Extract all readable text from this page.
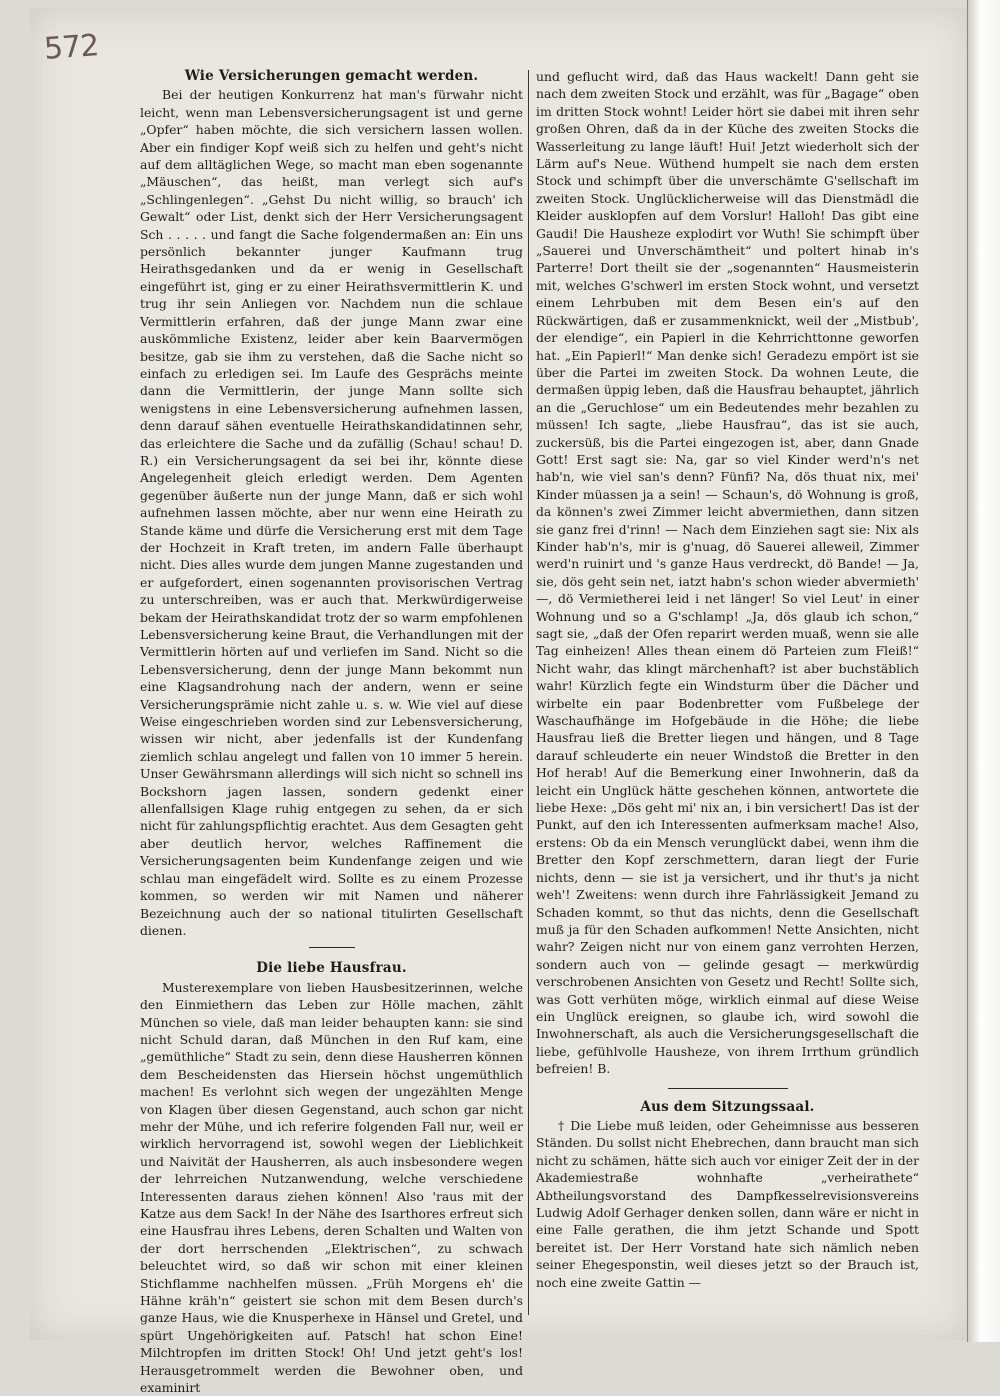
572
Wie Versicherungen gemacht werden.

Bei der heutigen Konkurrenz hat man's fürwahr nicht leicht, wenn man Lebensversicherungsagent ist und gerne „Opfer“ haben möchte, die sich versichern lassen wollen. Aber ein findiger Kopf weiß sich zu helfen und geht's nicht auf dem alltäglichen Wege, so macht man eben sogenannte „Mäuschen“, das heißt, man verlegt sich auf's „Schlingenlegen“. „Gehst Du nicht willig, so brauch' ich Gewalt“ oder List, denkt sich der Herr Versicherungsagent Sch . . . . . und fangt die Sache folgendermaßen an: Ein uns persönlich bekannter junger Kaufmann trug Heirathsgedanken und da er wenig in Gesellschaft eingeführt ist, ging er zu einer Heirathsvermittlerin K. und trug ihr sein Anliegen vor. Nachdem nun die schlaue Vermittlerin erfahren, daß der junge Mann zwar eine auskömmliche Existenz, leider aber kein Baarvermögen besitze, gab sie ihm zu verstehen, daß die Sache nicht so einfach zu erledigen sei. Im Laufe des Gesprächs meinte dann die Vermittlerin, der junge Mann sollte sich wenigstens in eine Lebensversicherung aufnehmen lassen, denn darauf sähen eventuelle Heirathskandidatinnen sehr, das erleichtere die Sache und da zufällig (Schau! schau! D. R.) ein Versicherungsagent da sei bei ihr, könnte diese Angelegenheit gleich erledigt werden. Dem Agenten gegenüber äußerte nun der junge Mann, daß er sich wohl aufnehmen lassen möchte, aber nur wenn eine Heirath zu Stande käme und dürfe die Versicherung erst mit dem Tage der Hochzeit in Kraft treten, im andern Falle überhaupt nicht. Dies alles wurde dem jungen Manne zugestanden und er aufgefordert, einen sogenannten provisorischen Vertrag zu unterschreiben, was er auch that. Merkwürdigerweise bekam der Heirathskandidat trotz der so warm empfohlenen Lebensversicherung keine Braut, die Verhandlungen mit der Vermittlerin hörten auf und verliefen im Sand. Nicht so die Lebensversicherung, denn der junge Mann bekommt nun eine Klagsandrohung nach der andern, wenn er seine Versicherungsprämie nicht zahle u. s. w. Wie viel auf diese Weise eingeschrieben worden sind zur Lebensversicherung, wissen wir nicht, aber jedenfalls ist der Kundenfang ziemlich schlau angelegt und fallen von 10 immer 5 herein. Unser Gewährsmann allerdings will sich nicht so schnell ins Bockshorn jagen lassen, sondern gedenkt einer allenfallsigen Klage ruhig entgegen zu sehen, da er sich nicht für zahlungspflichtig erachtet. Aus dem Gesagten geht aber deutlich hervor, welches Raffinement die Versicherungsagenten beim Kundenfange zeigen und wie schlau man eingefädelt wird. Sollte es zu einem Prozesse kommen, so werden wir mit Namen und näherer Bezeichnung auch der so national titulirten Gesellschaft dienen.

Die liebe Hausfrau.

Musterexemplare von lieben Hausbesitzerinnen, welche den Einmiethern das Leben zur Hölle machen, zählt München so viele, daß man leider behaupten kann: sie sind nicht Schuld daran, daß München in den Ruf kam, eine „gemüthliche“ Stadt zu sein, denn diese Hausherren können dem Bescheidensten das Hiersein höchst ungemüthlich machen! Es verlohnt sich wegen der ungezählten Menge von Klagen über diesen Gegenstand, auch schon gar nicht mehr der Mühe, und ich referire folgenden Fall nur, weil er wirklich hervorragend ist, sowohl wegen der Lieblichkeit und Naivität der Hausherren, als auch insbesondere wegen der lehrreichen Nutzanwendung, welche verschiedene Interessenten daraus ziehen können! Also 'raus mit der Katze aus dem Sack! In der Nähe des Isarthores erfreut sich eine Hausfrau ihres Lebens, deren Schalten und Walten von der dort herrschenden „Elektrischen“, zu schwach beleuchtet wird, so daß wir schon mit einer kleinen Stichflamme nachhelfen müssen. „Früh Morgens eh' die Hähne kräh'n“ geistert sie schon mit dem Besen durch's ganze Haus, wie die Knusperhexe in Hänsel und Gretel, und spürt Ungehörigkeiten auf. Patsch! hat schon Eine! Milchtropfen im dritten Stock! Oh! Und jetzt geht's los! Herausgetrommelt werden die Bewohner oben, und examinirt

und geflucht wird, daß das Haus wackelt! Dann geht sie nach dem zweiten Stock und erzählt, was für „Bagage“ oben im dritten Stock wohnt! Leider hört sie dabei mit ihren sehr großen Ohren, daß da in der Küche des zweiten Stocks die Wasserleitung zu lange läuft! Hui! Jetzt wiederholt sich der Lärm auf's Neue. Wüthend humpelt sie nach dem ersten Stock und schimpft über die unverschämte G'sellschaft im zweiten Stock. Unglücklicherweise will das Dienstmädl die Kleider ausklopfen auf dem Vorslur! Halloh! Das gibt eine Gaudi! Die Hausheze explodirt vor Wuth! Sie schimpft über „Sauerei und Unverschämtheit“ und poltert hinab in's Parterre! Dort theilt sie der „sogenannten“ Hausmeisterin mit, welches G'schwerl im ersten Stock wohnt, und versetzt einem Lehrbuben mit dem Besen ein's auf den Rückwärtigen, daß er zusammenknickt, weil der „Mistbub', der elendige“, ein Papierl in die Kehrrichttonne geworfen hat. „Ein Papierl!“ Man denke sich! Geradezu empört ist sie über die Partei im zweiten Stock. Da wohnen Leute, die dermaßen üppig leben, daß die Hausfrau behauptet, jährlich an die „Geruchlose“ um ein Bedeutendes mehr bezahlen zu müssen! Ich sagte, „liebe Hausfrau“, das ist sie auch, zuckersüß, bis die Partei eingezogen ist, aber, dann Gnade Gott! Erst sagt sie: Na, gar so viel Kinder werd'n's net hab'n, wie viel san's denn? Fünfi? Na, dös thuat nix, mei' Kinder müassen ja a sein! — Schaun's, dö Wohnung is groß, da können's zwei Zimmer leicht abvermiethen, dann sitzen sie ganz frei d'rinn! — Nach dem Einziehen sagt sie: Nix als Kinder hab'n's, mir is g'nuag, dö Sauerei alleweil, Zimmer werd'n ruinirt und 's ganze Haus verdreckt, dö Bande! — Ja, sie, dös geht sein net, iatzt habn's schon wieder abvermieth' —, dö Vermietherei leid i net länger! So viel Leut' in einer Wohnung und so a G'schlamp! „Ja, dös glaub ich schon,“ sagt sie, „daß der Ofen reparirt werden muaß, wenn sie alle Tag einheizen! Alles thean einem dö Parteien zum Fleiß!“ Nicht wahr, das klingt märchenhaft? ist aber buchstäblich wahr! Kürzlich fegte ein Windsturm über die Dächer und wirbelte ein paar Bodenbretter vom Fußbelege der Waschaufhänge im Hofgebäude in die Höhe; die liebe Hausfrau ließ die Bretter liegen und hängen, und 8 Tage darauf schleuderte ein neuer Windstoß die Bretter in den Hof herab! Auf die Bemerkung einer Inwohnerin, daß da leicht ein Unglück hätte geschehen können, antwortete die liebe Hexe: „Dös geht mi' nix an, i bin versichert! Das ist der Punkt, auf den ich Interessenten aufmerksam mache! Also, erstens: Ob da ein Mensch verunglückt dabei, wenn ihm die Bretter den Kopf zerschmettern, daran liegt der Furie nichts, denn — sie ist ja versichert, und ihr thut's ja nicht weh'! Zweitens: wenn durch ihre Fahrlässigkeit Jemand zu Schaden kommt, so thut das nichts, denn die Gesellschaft muß ja für den Schaden aufkommen! Nette Ansichten, nicht wahr? Zeigen nicht nur von einem ganz verrohten Herzen, sondern auch von — gelinde gesagt — merkwürdig verschrobenen Ansichten von Gesetz und Recht! Sollte sich, was Gott verhüten möge, wirklich einmal auf diese Weise ein Unglück ereignen, so glaube ich, wird sowohl die Inwohnerschaft, als auch die Versicherungsgesellschaft die liebe, gefühlvolle Hausheze, von ihrem Irrthum gründlich befreien! B.

Aus dem Sitzungssaal.

† Die Liebe muß leiden, oder Geheimnisse aus besseren Ständen. Du sollst nicht Ehebrechen, dann braucht man sich nicht zu schämen, hätte sich auch vor einiger Zeit der in der Akademiestraße wohnhafte „verheirathete“ Abtheilungsvorstand des Dampfkesselrevisionsvereins Ludwig Adolf Gerhager denken sollen, dann wäre er nicht in eine Falle gerathen, die ihm jetzt Schande und Spott bereitet ist. Der Herr Vorstand hate sich nämlich neben seiner Ehegesponstin, weil dieses jetzt so der Brauch ist, noch eine zweite Gattin —
